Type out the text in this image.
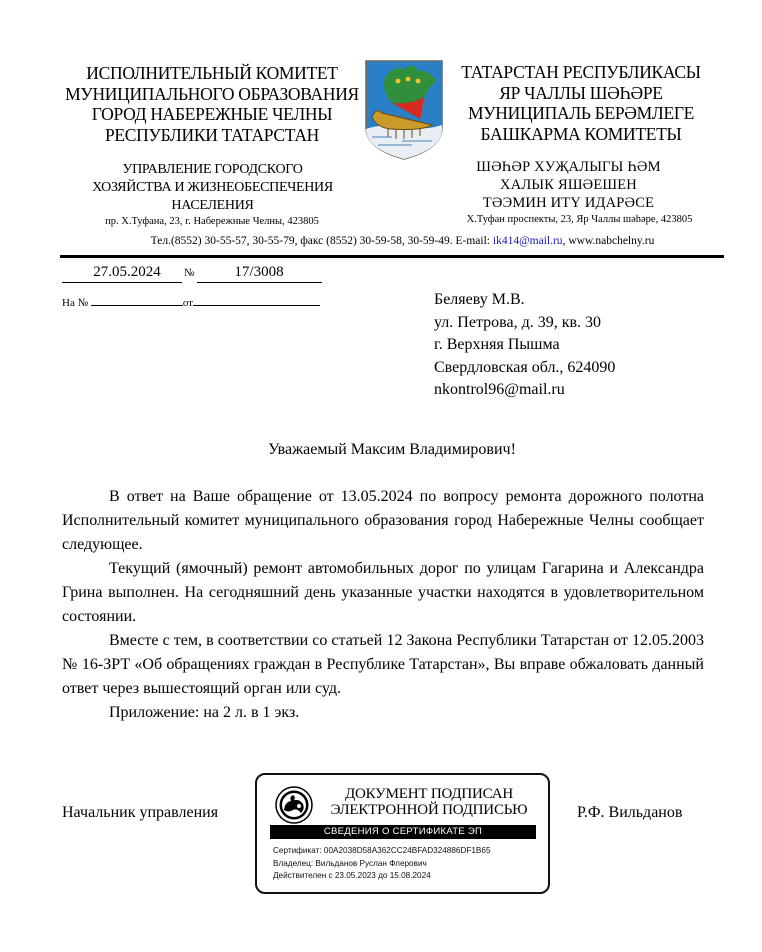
ИСПОЛНИТЕЛЬНЫЙ КОМИТЕТ
МУНИЦИПАЛЬНОГО ОБРАЗОВАНИЯ
ГОРОД НАБЕРЕЖНЫЕ ЧЕЛНЫ
РЕСПУБЛИКИ ТАТАРСТАН
УПРАВЛЕНИЕ ГОРОДСКОГО
ХОЗЯЙСТВА И ЖИЗНЕОБЕСПЕЧЕНИЯ
НАСЕЛЕНИЯ
пр. Х.Туфана, 23, г. Набережные Челны, 423805
ТАТАРСТАН РЕСПУБЛИКАСЫ
ЯР ЧАЛЛЫ ШӘҺӘРЕ
МУНИЦИПАЛЬ БЕРӘМЛЕГЕ
БАШКАРМА КОМИТЕТЫ
ШӘҺӘР ХУҖАЛЫГЫ ҺӘМ
ХАЛЫК ЯШӘЕШЕН
ТӘЭМИН ИТҮ ИДАРӘСЕ
Х.Туфан проспекты, 23, Яр Чаллы шәһәре, 423805
Тел.(8552) 30-55-57, 30-55-79, факс (8552) 30-59-58, 30-59-49. E-mail: ik414@mail.ru, www.nabchelny.ru
27.05.2024 №	17/3008
На №	от	Беляеву М.В.
ул. Петрова, д. 39, кв. 30
г. Верхняя Пышма
Свердловская обл., 624090
nkontrol96@mail.ru
Уважаемый Максим Владимирович!

В ответ на Ваше обращение от 13.05.2024 по вопросу ремонта дорожного полотна Исполнительный комитет муниципального образования город Набережные Челны сообщает следующее.

Текущий (ямочный) ремонт автомобильных дорог по улицам Гагарина и Александра Грина выполнен. На сегодняшний день указанные участки находятся в удовлетворительном состоянии.

Вместе с тем, в соответствии со статьей 12 Закона Республики Татарстан от 12.05.2003 № 16-ЗРТ «Об обращениях граждан в Республике Татарстан», Вы вправе обжаловать данный ответ через вышестоящий орган или суд.

Приложение: на 2 л. в 1 экз.

Начальник управления
ДОКУМЕНТ ПОДПИСАН
ЭЛЕКТРОННОЙ ПОДПИСЬЮ
СВЕДЕНИЯ О СЕРТИФИКАТЕ ЭП
Сертификат: 00A2038D58A362CC24BFAD324886DF1B65
Владелец: Вильданов Руслан Флерович
Действителен с 23.05.2023 до 15.08.2024
Р.Ф. Вильданов
